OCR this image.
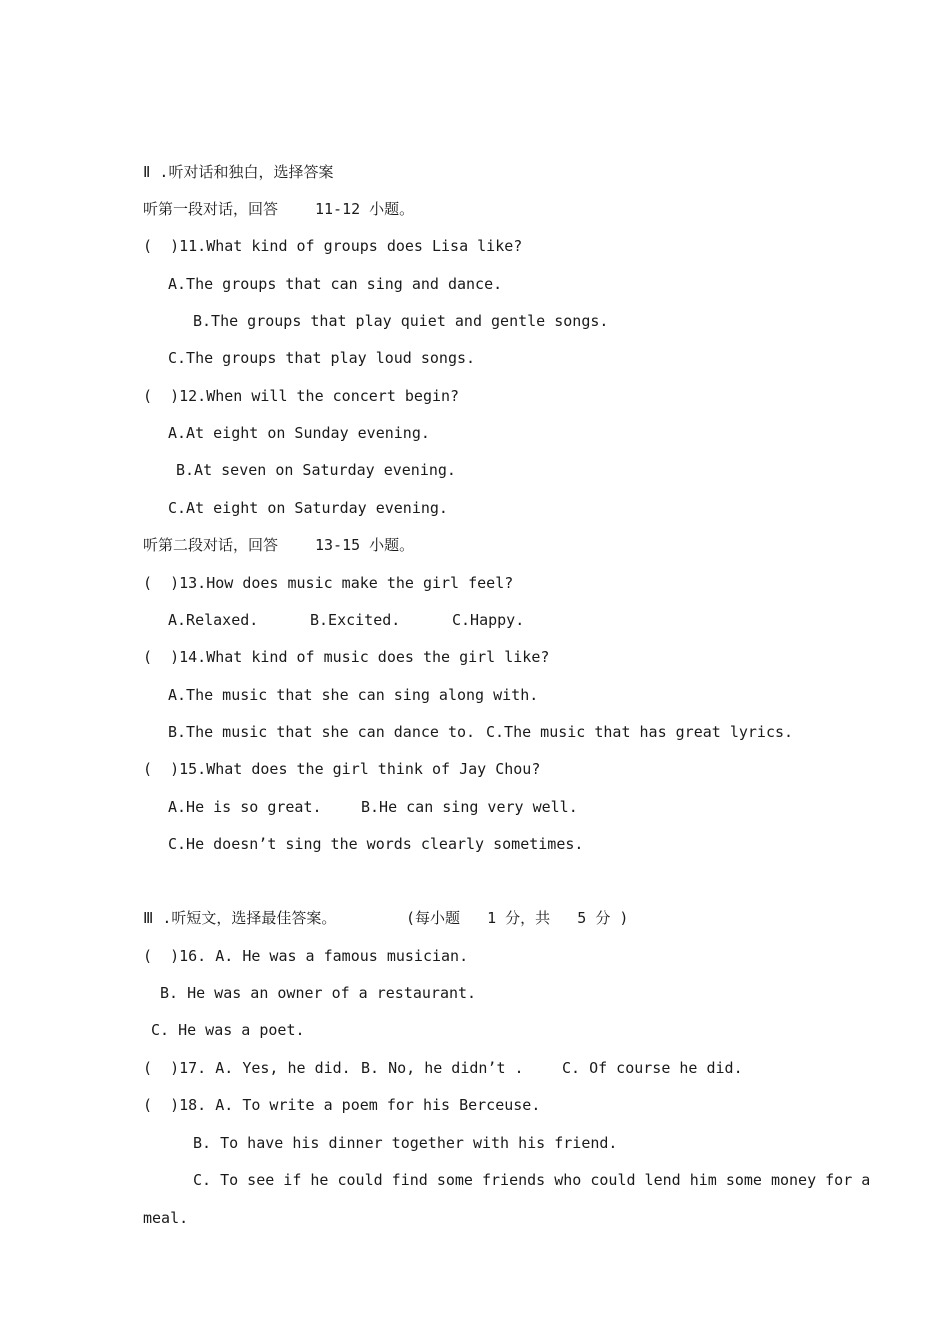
Ⅱ .听对话和独白，选择答案
听第一段对话，回答 11-12 小题。
(  )11.What kind of groups does Lisa like?
A.The groups that can sing and dance.
B.The groups that play quiet and gentle songs.
C.The groups that play loud songs.
(  )12.When will the concert begin?
A.At eight on Sunday evening.
B.At seven on Saturday evening.
C.At eight on Saturday evening.
听第二段对话，回答 13-15 小题。
(  )13.How does music make the girl feel?
A.Relaxed.	B.Excited.	C.Happy.
(  )14.What kind of music does the girl like?
A.The music that she can sing along with.
B.The music that she can dance to. C.The music that has great lyrics.
(  )15.What does the girl think of Jay Chou?
A.He is so great.	B.He can sing very well.
C.He doesn’t sing the words clearly sometimes.
Ⅲ .听短文，选择最佳答案。	(每小题   1 分，共   5 分 )
(  )16. A. He was a famous musician.
B. He was an owner of a restaurant.
C. He was a poet.
(  )17. A. Yes, he did. B. No, he didn’t .	C. Of course he did.
(  )18. A. To write a poem for his Berceuse.
B. To have his dinner together with his friend.
C. To see if he could find some friends who could lend him some money for a
meal.
